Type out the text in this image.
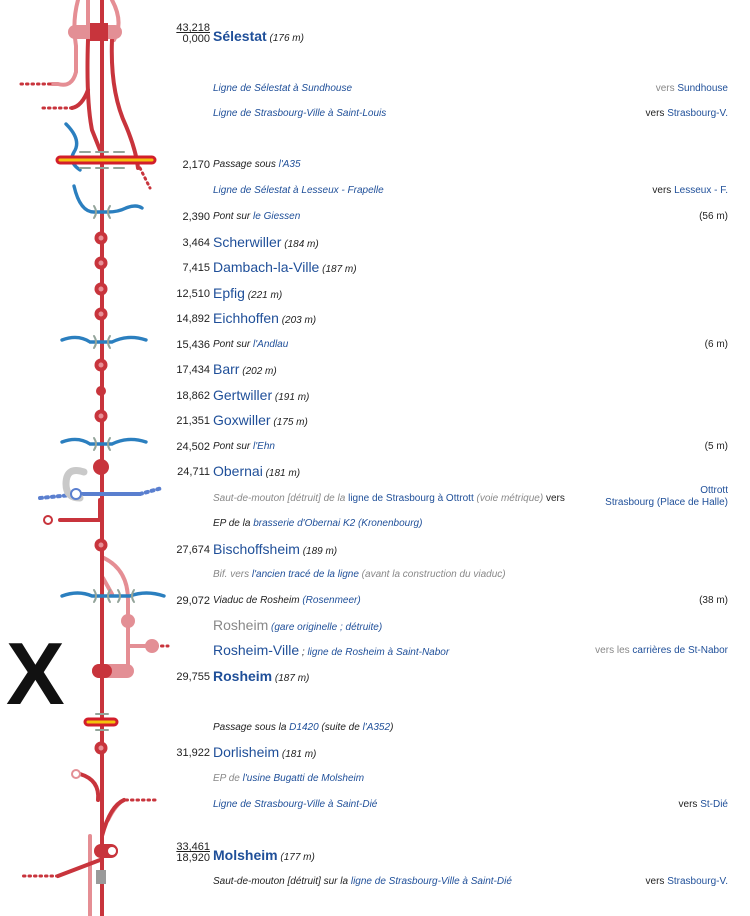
X
43,218
0,000 Sélestat (176 m)
Ligne de Sélestat à Sundhouse	vers Sundhouse
Ligne de Strasbourg-Ville à Saint-Louis	vers Strasbourg-V.
2,170 Passage sous l'A35
Ligne de Sélestat à Lesseux - Frapelle	vers Lesseux - F.
2,390 Pont sur le Giessen	(56 m)
3,464 Scherwiller (184 m)
7,415 Dambach-la-Ville (187 m)
12,510 Epfig (221 m)
14,892 Eichhoffen (203 m)
15,436 Pont sur l'Andlau	(6 m)
17,434 Barr (202 m)
18,862 Gertwiller (191 m)
21,351 Goxwiller (175 m)
24,502 Pont sur l'Ehn	(5 m)
24,711 Obernai (181 m)
Saut-de-mouton [détruit] de la ligne de Strasbourg à Ottrott (voie métrique) vers
Ottrott
Strasbourg (Place de Halle)
EP de la brasserie d'Obernai K2 (Kronenbourg)
27,674 Bischoffsheim (189 m)
Bif. vers l'ancien tracé de la ligne (avant la construction du viaduc)
29,072 Viaduc de Rosheim (Rosenmeer)	(38 m)
Rosheim (gare originelle ; détruite)
Rosheim-Ville ; ligne de Rosheim à Saint-Nabor	vers les carrières de St-Nabor
29,755 Rosheim (187 m)
Passage sous la D1420 (suite de l'A352)
31,922 Dorlisheim (181 m)
EP de l'usine Bugatti de Molsheim
Ligne de Strasbourg-Ville à Saint-Dié	vers St-Dié
33,461
18,920 Molsheim (177 m)
Saut-de-mouton [détruit] sur la ligne de Strasbourg-Ville à Saint-Dié	vers Strasbourg-V.
